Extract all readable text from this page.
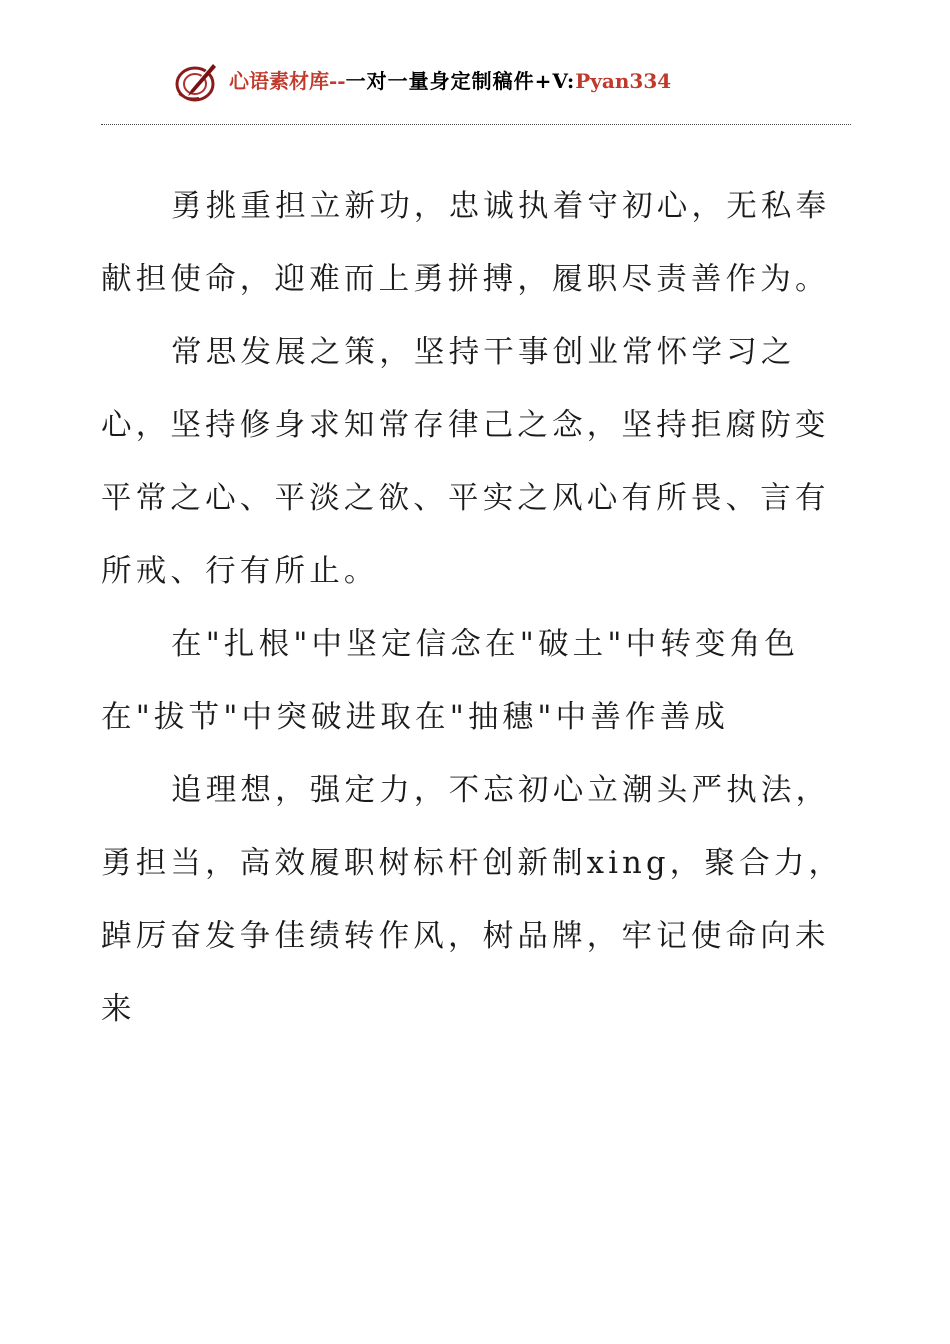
心语素材库--一对一量身定制稿件+V:Pyan334

勇挑重担立新功，忠诚执着守初心，无私奉献担使命，迎难而上勇拼搏，履职尽责善作为。

常思发展之策，坚持干事创业常怀学习之心，坚持修身求知常存律己之念，坚持拒腐防变平常之心、平淡之欲、平实之风心有所畏、言有所戒、行有所止。

在"扎根"中坚定信念在"破土"中转变角色

在"拔节"中突破进取在"抽穗"中善作善成

追理想，强定力，不忘初心立潮头严执法，勇担当，高效履职树标杆创新制xing，聚合力，踔厉奋发争佳绩转作风，树品牌，牢记使命向未来
